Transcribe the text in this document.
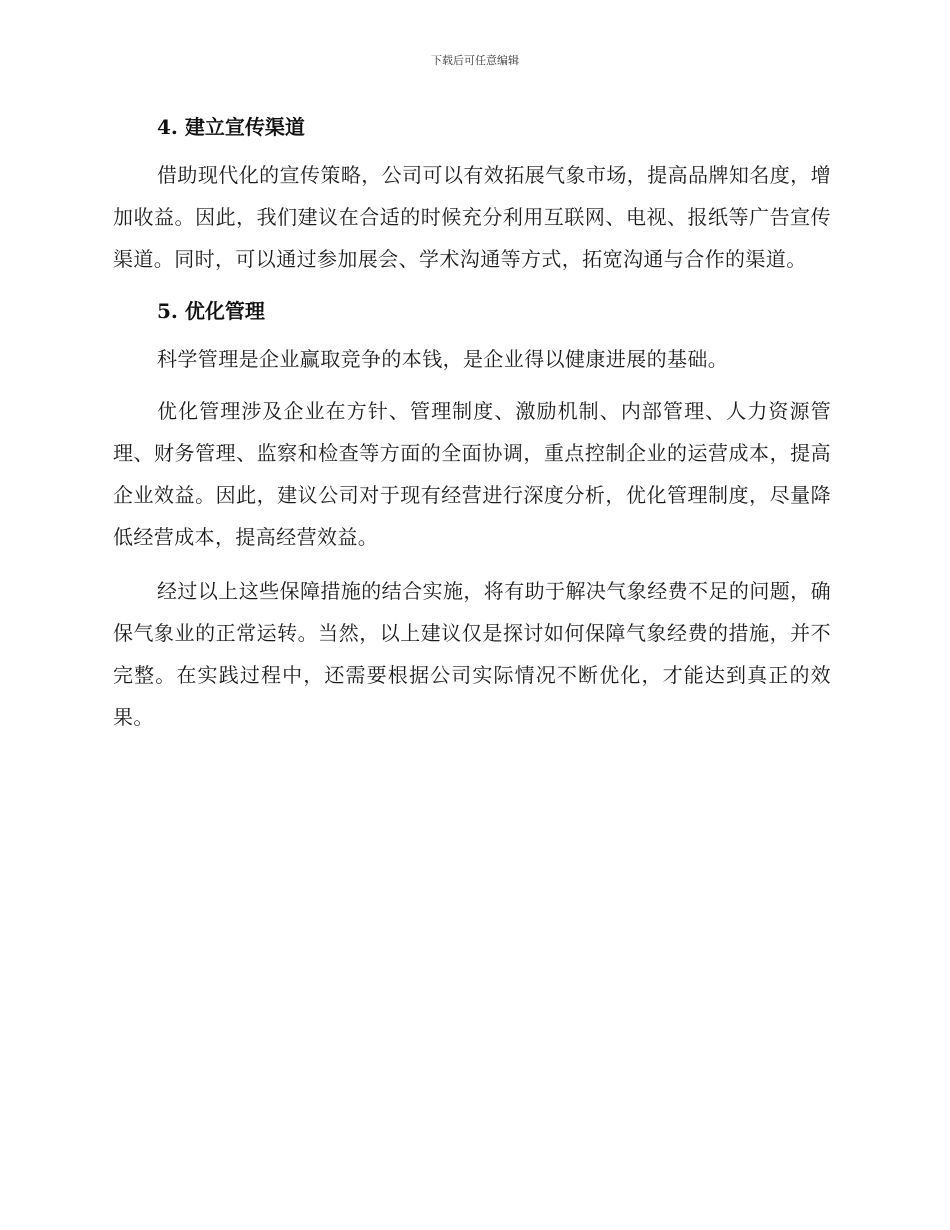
下载后可任意编辑
4. 建立宣传渠道

借助现代化的宣传策略，公司可以有效拓展气象市场，提高品牌知名度，增加收益。因此，我们建议在合适的时候充分利用互联网、电视、报纸等广告宣传渠道。同时，可以通过参加展会、学术沟通等方式，拓宽沟通与合作的渠道。

5. 优化管理

科学管理是企业赢取竞争的本钱，是企业得以健康进展的基础。

优化管理涉及企业在方针、管理制度、激励机制、内部管理、人力资源管理、财务管理、监察和检查等方面的全面协调，重点控制企业的运营成本，提高企业效益。因此，建议公司对于现有经营进行深度分析，优化管理制度，尽量降低经营成本，提高经营效益。

经过以上这些保障措施的结合实施，将有助于解决气象经费不足的问题，确保气象业的正常运转。当然，以上建议仅是探讨如何保障气象经费的措施，并不完整。在实践过程中，还需要根据公司实际情况不断优化，才能达到真正的效果。
